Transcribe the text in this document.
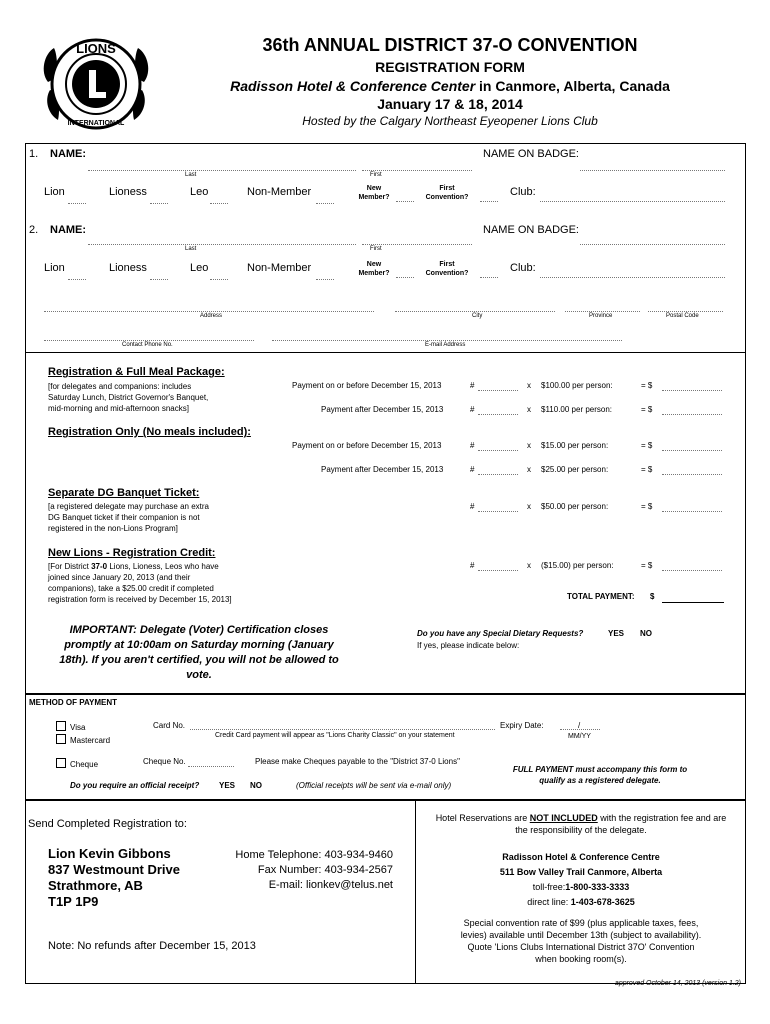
LIONS
INTERNATIONAL
36th ANNUAL DISTRICT 37-O CONVENTION
REGISTRATION FORM
Radisson Hotel & Conference Center in Canmore, Alberta, Canada
January 17 & 18, 2014
Hosted by the Calgary Northeast Eyeopener Lions Club
1. NAME:	NAME ON BADGE:
Last	First
Lion	Lioness	Leo	Non-Member	New
Member?
First
Convention?	Club:
2. NAME:	NAME ON BADGE:
Last	First
Lion	Lioness	Leo	Non-Member	New
Member?
First
Convention?	Club:
Address	City	Province	Postal Code
Contact Phone No.	E-mail Address
Registration & Full Meal Package:
[for delegates and companions: includes
Saturday Lunch, District Governor's Banquet,
mid-morning and mid-afternoon snacks]
Payment on or before December 15, 2013	#	x $100.00 per person:	= $
Payment after December 15, 2013	#	x $110.00 per person:	= $
Registration Only (No meals included):
Payment on or before December 15, 2013	#	x $15.00 per person:	= $
Payment after December 15, 2013	#	x $25.00 per person:	= $
Separate DG Banquet Ticket:
[a registered delegate may purchase an extra
DG Banquet ticket if their companion is not
registered in the non-Lions Program]
#	x $50.00 per person:	= $
New Lions - Registration Credit:
[For District 37-0 Lions, Lioness, Leos who have
joined since January 20, 2013 (and their
companions), take a $25.00 credit if completed
registration form is received by December 15, 2013]
#	x ($15.00) per person:	= $
TOTAL PAYMENT: $
IMPORTANT: Delegate (Voter) Certification closes
promptly at 10:00am on Saturday morning (January
18th). If you aren't certified, you will not be allowed to
vote.
Do you have any Special Dietary Requests?	YES NO
If yes, please indicate below:
METHOD OF PAYMENT
Visa
Mastercard
Cheque
Card No.
Credit Card payment will appear as "Lions Charity Classic" on your statement
Expiry Date:	/
MM/YY
Cheque No.	Please make Cheques payable to the "District 37-0 Lions"
FULL PAYMENT must accompany this form to
qualify as a registered delegate.
Do you require an official receipt? YES NO	(Official receipts will be sent via e-mail only)
Send Completed Registration to:
Lion Kevin Gibbons
837 Westmount Drive
Strathmore, AB
T1P 1P9
Home Telephone: 403-934-9460
Fax Number: 403-934-2567
E-mail: lionkev@telus.net
Note: No refunds after December 15, 2013
Hotel Reservations are NOT INCLUDED with the registration fee and are
the responsibility of the delegate.
Radisson Hotel & Conference Centre
511 Bow Valley Trail Canmore, Alberta
toll-free:1-800-333-3333
direct line: 1-403-678-3625
Special convention rate of $99 (plus applicable taxes, fees,
levies) available until December 13th (subject to availability).
Quote 'Lions Clubs International District 37O' Convention
when booking room(s).
approved October 14, 2013 (version 1.2)
